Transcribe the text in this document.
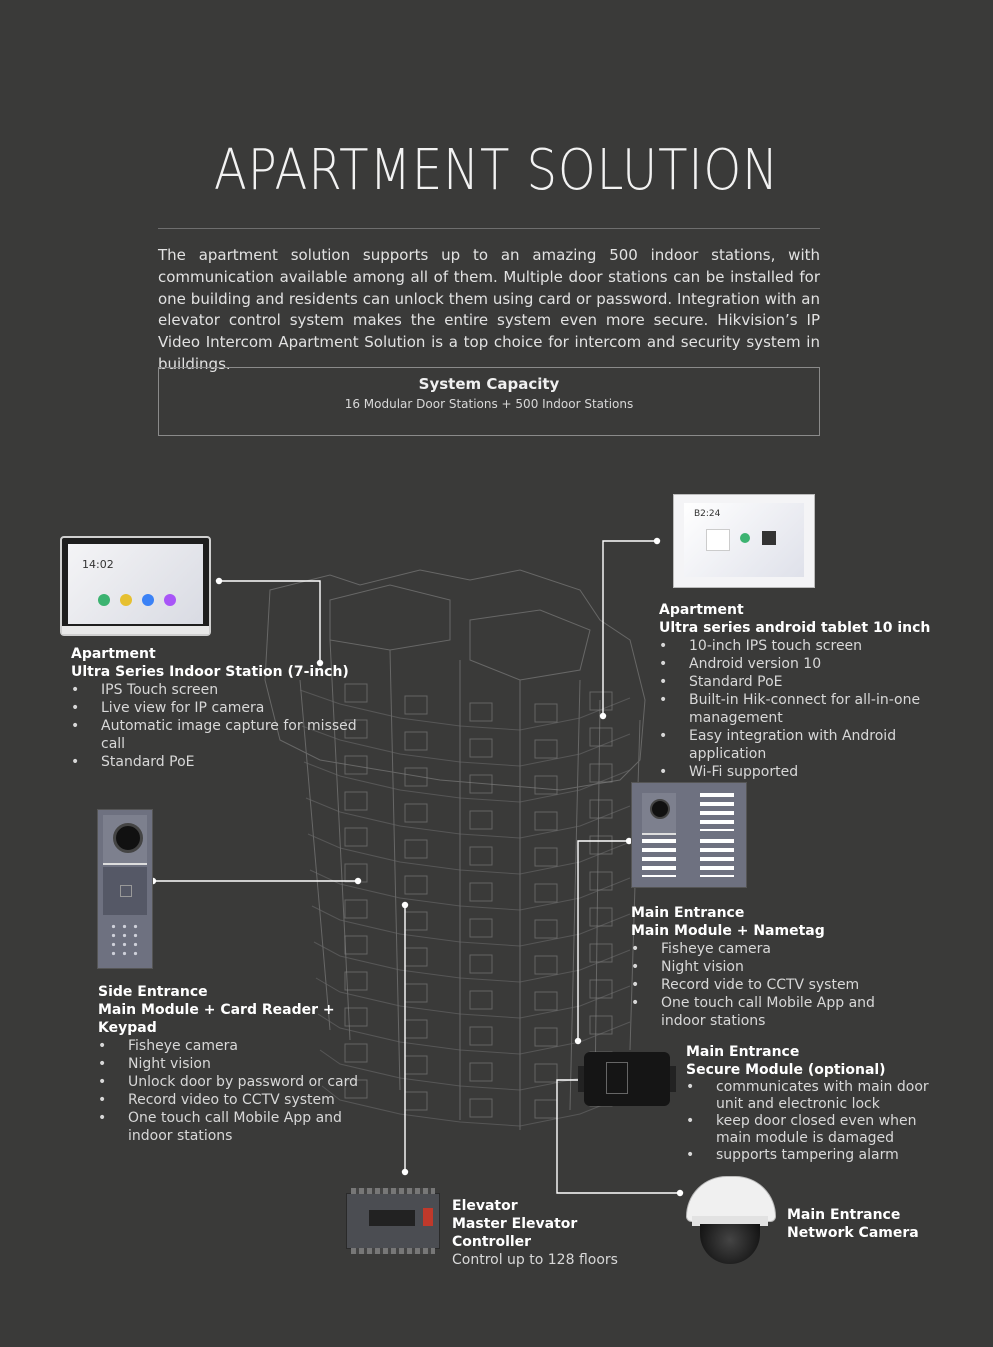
APARTMENT SOLUTION
The apartment solution supports up to an amazing 500 indoor stations, with communication available among all of them. Multiple door stations can be installed for one building and residents can unlock them using card or password. Integration with an elevator control system makes the entire system even more secure. Hikvision’s IP Video Intercom Apartment Solution is a top choice for intercom and security system in buildings.
System Capacity
16 Modular Door Stations + 500 Indoor Stations
14:02
Apartment
Ultra Series Indoor Station (7-inch)
• IPS Touch screen
• Live view for IP camera
• Automatic image capture for missed call
• Standard PoE
B2:24
Apartment
Ultra series android tablet 10 inch
• 10-inch IPS touch screen
• Android version 10
• Standard PoE
• Built-in Hik-connect for all-in-one management
• Easy integration with Android application
• Wi-Fi supported
Side Entrance
Main Module + Card Reader + Keypad
• Fisheye camera
• Night vision
• Unlock door by password or card
• Record video to CCTV system
• One touch call Mobile App and indoor stations
Main Entrance
Main Module + Nametag
• Fisheye camera
• Night vision
• Record vide to CCTV system
• One touch call Mobile App and indoor stations
Main Entrance
Secure Module (optional)
• communicates with main door unit and electronic lock
• keep door closed even when main module is damaged
• supports tampering alarm
Elevator
Master Elevator Controller
Control up to 128 floors
Main Entrance
Network Camera
